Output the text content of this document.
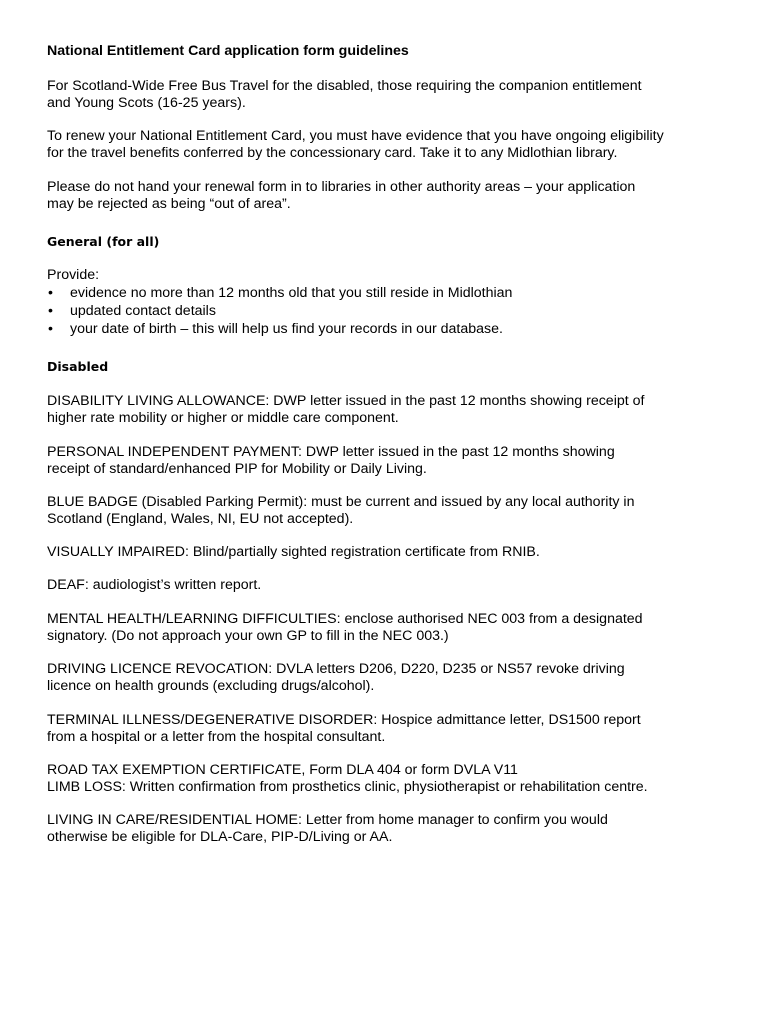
National Entitlement Card application form guidelines

For Scotland-Wide Free Bus Travel for the disabled, those requiring the companion entitlement
and Young Scots (16-25 years).

To renew your National Entitlement Card, you must have evidence that you have ongoing eligibility
for the travel benefits conferred by the concessionary card. Take it to any Midlothian library.

Please do not hand your renewal form in to libraries in other authority areas – your application
may be rejected as being “out of area”.

General (for all)

Provide:

• evidence no more than 12 months old that you still reside in Midlothian
• updated contact details
• your date of birth – this will help us find your records in our database.
Disabled

DISABILITY LIVING ALLOWANCE: DWP letter issued in the past 12 months showing receipt of
higher rate mobility or higher or middle care component.

PERSONAL INDEPENDENT PAYMENT: DWP letter issued in the past 12 months showing
receipt of standard/enhanced PIP for Mobility or Daily Living.

BLUE BADGE (Disabled Parking Permit): must be current and issued by any local authority in
Scotland (England, Wales, NI, EU not accepted).

VISUALLY IMPAIRED: Blind/partially sighted registration certificate from RNIB.

DEAF: audiologist’s written report.

MENTAL HEALTH/LEARNING DIFFICULTIES: enclose authorised NEC 003 from a designated
signatory. (Do not approach your own GP to fill in the NEC 003.)

DRIVING LICENCE REVOCATION: DVLA letters D206, D220, D235 or NS57 revoke driving
licence on health grounds (excluding drugs/alcohol).

TERMINAL ILLNESS/DEGENERATIVE DISORDER: Hospice admittance letter, DS1500 report
from a hospital or a letter from the hospital consultant.

ROAD TAX EXEMPTION CERTIFICATE, Form DLA 404 or form DVLA V11
LIMB LOSS: Written confirmation from prosthetics clinic, physiotherapist or rehabilitation centre.

LIVING IN CARE/RESIDENTIAL HOME: Letter from home manager to confirm you would
otherwise be eligible for DLA-Care, PIP-D/Living or AA.
